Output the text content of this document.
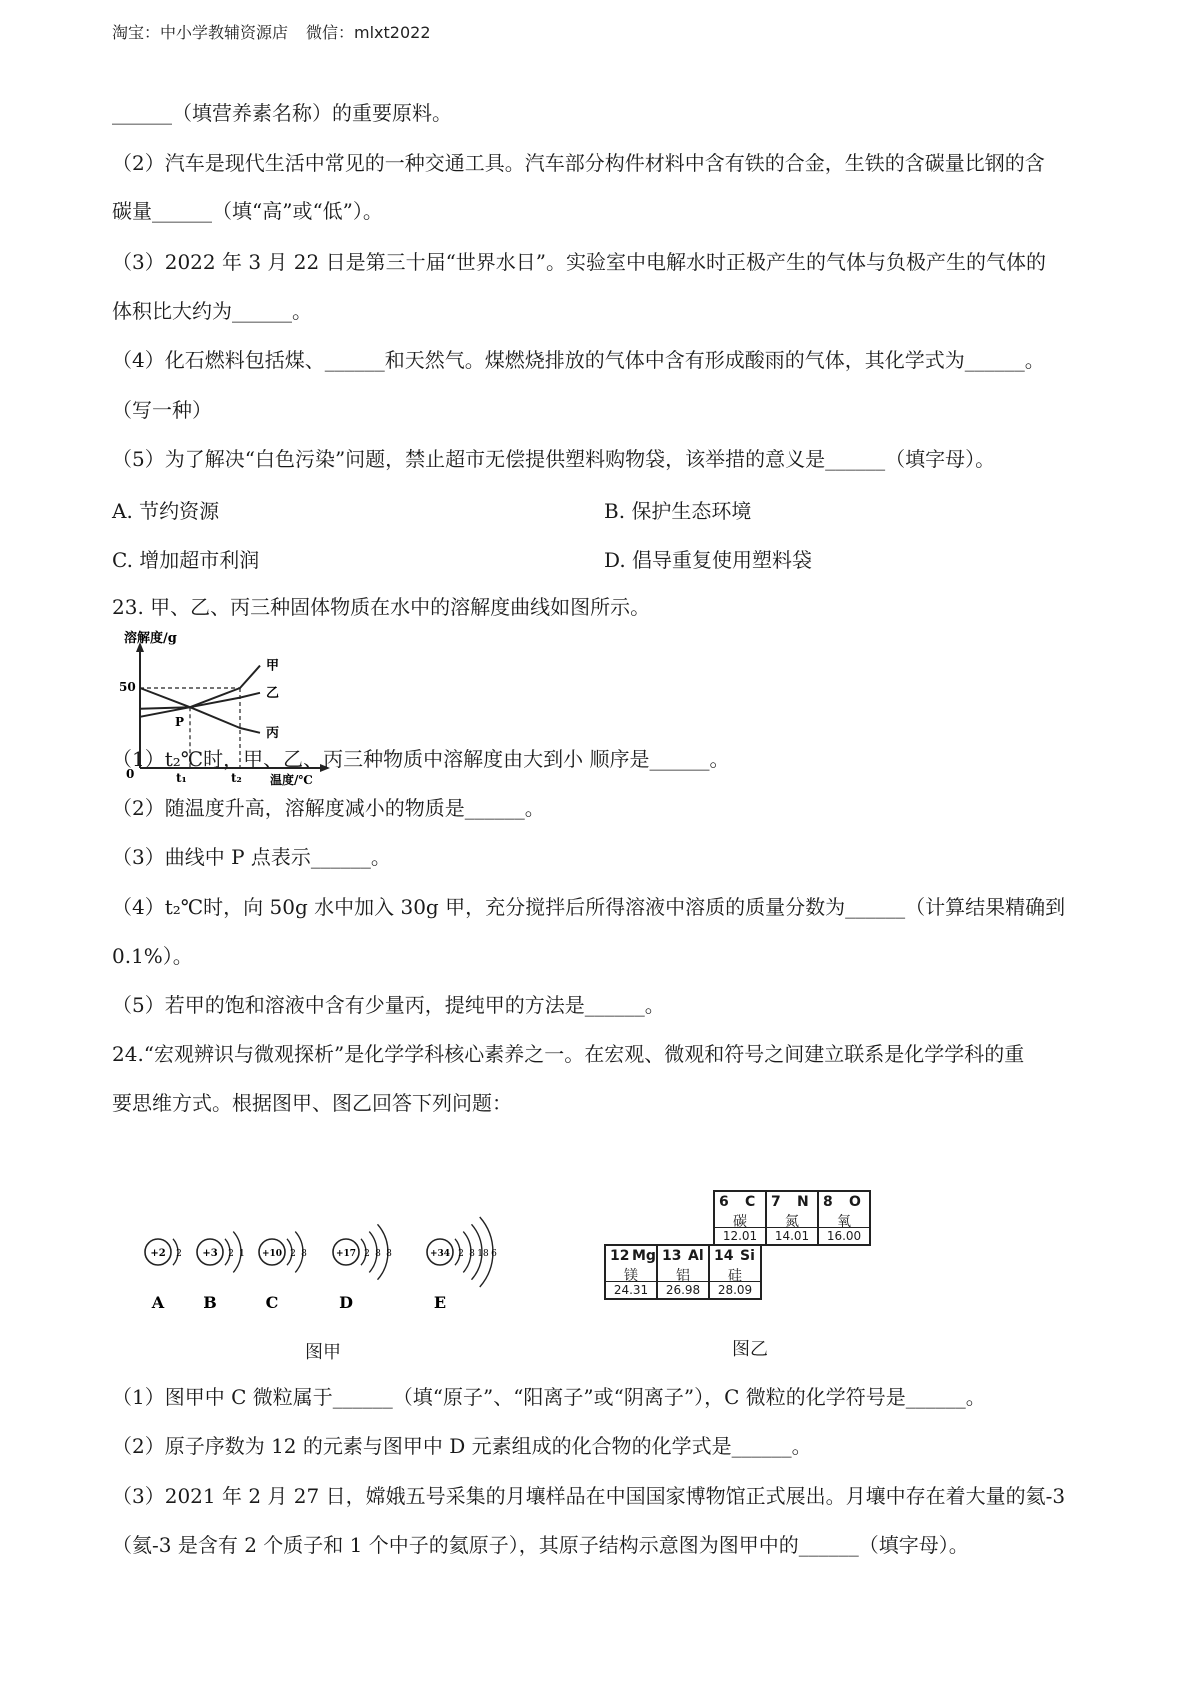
淘宝：中小学教辅资源店 微信：mlxt2022
______（填营养素名称）的重要原料。
（2）汽车是现代生活中常见的一种交通工具。汽车部分构件材料中含有铁的合金，生铁的含碳量比钢的含
碳量______（填“高”或“低”）。
（3）2022 年 3 月 22 日是第三十届“世界水日”。实验室中电解水时正极产生的气体与负极产生的气体的
体积比大约为______。
（4）化石燃料包括煤、______和天然气。煤燃烧排放的气体中含有形成酸雨的气体，其化学式为______。
（写一种）
（5）为了解决“白色污染”问题，禁止超市无偿提供塑料购物袋，该举措的意义是______（填字母）。
A. 节约资源	B. 保护生态环境
C. 增加超市利润	D. 倡导重复使用塑料袋
23. 甲、乙、丙三种固体物质在水中的溶解度曲线如图所示。
溶解度/g
温度/℃
0
50
t₁	t₂
甲
乙
丙
P
（1）t₂℃时，甲、乙、丙三种物质中溶解度由大到小 顺序是______。
（2）随温度升高，溶解度减小的物质是______。
（3）曲线中 P 点表示______。
（4）t₂℃时，向 50g 水中加入 30g 甲，充分搅拌后所得溶液中溶质的质量分数为______（计算结果精确到
0.1%）。
（5）若甲的饱和溶液中含有少量丙，提纯甲的方法是______。
24.“宏观辨识与微观探析”是化学学科核心素养之一。在宏观、微观和符号之间建立联系是化学学科的重
要思维方式。根据图甲、图乙回答下列问题：
+2 2
A
+3 2 1
B
+10 2 8
C
+17 2 8 8
D
+34 2 8 18 6
E
图甲
6 C
碳
12.01
7 N
氮
14.01
8 O
氧
16.00
12 Mg
镁
24.31
13 Al
铝
26.98
14 Si
硅
28.09
图乙
（1）图甲中 C 微粒属于______（填“原子”、“阳离子”或“阴离子”），C 微粒的化学符号是______。
（2）原子序数为 12 的元素与图甲中 D 元素组成的化合物的化学式是______。
（3）2021 年 2 月 27 日，嫦娥五号采集的月壤样品在中国国家博物馆正式展出。月壤中存在着大量的氦-3
（氦-3 是含有 2 个质子和 1 个中子的氦原子），其原子结构示意图为图甲中的______（填字母）。
